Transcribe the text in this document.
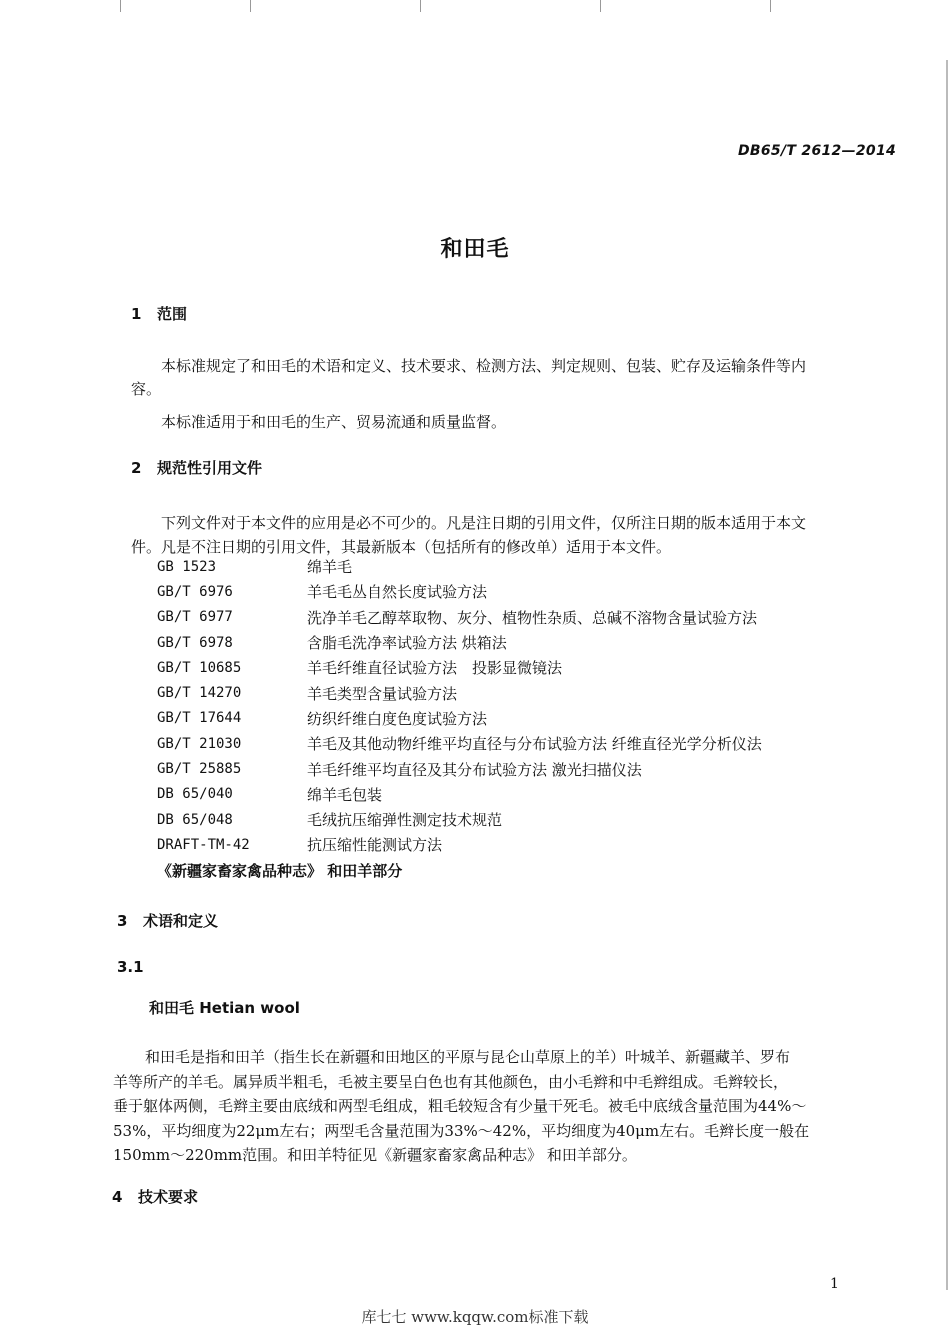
DB65/T 2612—2014
和田毛
1 范围
本标准规定了和田毛的术语和定义、技术要求、检测方法、判定规则、包装、贮存及运输条件等内
容。
本标准适用于和田毛的生产、贸易流通和质量监督。
2 规范性引用文件
下列文件对于本文件的应用是必不可少的。凡是注日期的引用文件，仅所注日期的版本适用于本文
件。凡是不注日期的引用文件，其最新版本（包括所有的修改单）适用于本文件。
GB 1523	绵羊毛
GB/T 6976	羊毛毛丛自然长度试验方法
GB/T 6977	洗净羊毛乙醇萃取物、灰分、植物性杂质、总碱不溶物含量试验方法
GB/T 6978	含脂毛洗净率试验方法 烘箱法
GB/T 10685	羊毛纤维直径试验方法　投影显微镜法
GB/T 14270	羊毛类型含量试验方法
GB/T 17644	纺织纤维白度色度试验方法
GB/T 21030	羊毛及其他动物纤维平均直径与分布试验方法 纤维直径光学分析仪法
GB/T 25885	羊毛纤维平均直径及其分布试验方法 激光扫描仪法
DB 65/040	绵羊毛包装
DB 65/048	毛绒抗压缩弹性测定技术规范
DRAFT-TM-42	抗压缩性能测试方法
《新疆家畜家禽品种志》 和田羊部分
3 术语和定义
3.1
和田毛 Hetian wool
和田毛是指和田羊（指生长在新疆和田地区的平原与昆仑山草原上的羊）叶城羊、新疆藏羊、罗布
羊等所产的羊毛。属异质半粗毛，毛被主要呈白色也有其他颜色，由小毛辫和中毛辫组成。毛辫较长，
垂于躯体两侧，毛辫主要由底绒和两型毛组成，粗毛较短含有少量干死毛。被毛中底绒含量范围为44%～
53%，平均细度为22μm左右；两型毛含量范围为33%～42%，平均细度为40μm左右。毛辫长度一般在
150mm～220mm范围。和田羊特征见《新疆家畜家禽品种志》 和田羊部分。
4 技术要求
1
库七七 www.kqqw.com标准下载
